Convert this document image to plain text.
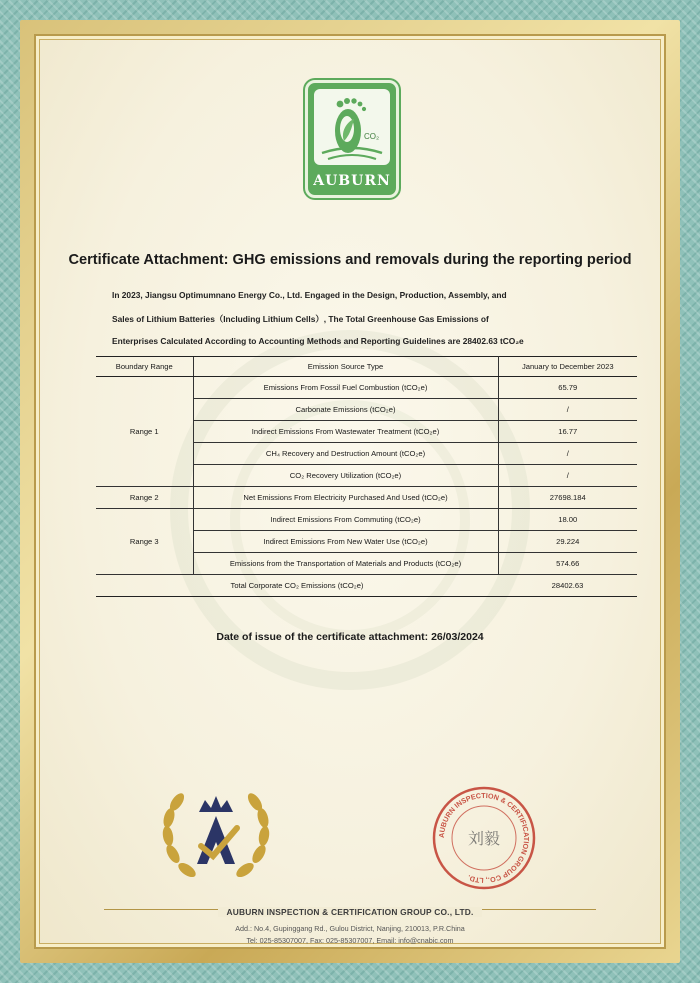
CO₂
AUBURN
Certificate Attachment: GHG emissions and removals during the reporting period
In 2023, Jiangsu Optimumnano Energy Co., Ltd. Engaged in the Design, Production, Assembly, and
Sales of Lithium Batteries（Including Lithium Cells）, The Total Greenhouse Gas Emissions of
Enterprises Calculated According to Accounting Methods and Reporting Guidelines are 28402.63 tCO₂e
Boundary Range	Emission Source Type	January to December 2023
Range 1	Emissions From Fossil Fuel Combustion (tCO₂e)	65.79
	Carbonate Emissions (tCO₂e)	/
	Indirect Emissions From Wastewater Treatment (tCO₂e)	16.77
	CH₄ Recovery and Destruction Amount (tCO₂e)	/
	CO₂ Recovery Utilization (tCO₂e)	/
Range 2	Net Emissions From Electricity Purchased And Used (tCO₂e)	27698.184
Range 3	Indirect Emissions From Commuting (tCO₂e)	18.00
	Indirect Emissions From New Water Use (tCO₂e)	29.224
	Emissions from the Transportation of Materials and Products (tCO₂e)	574.66
Total Corporate CO₂ Emissions (tCO₂e)		28402.63
Date of issue of the certificate attachment: 26/03/2024
AUBURN INSPECTION & CERTIFICATION GROUP CO., LTD.
刘毅
AUBURN INSPECTION & CERTIFICATION GROUP CO., LTD.
Add.: No.4, Gupinggang Rd., Gulou District, Nanjing, 210013, P.R.China
Tel: 025-85307007, Fax: 025-85307007, Email: info@cnabic.com
